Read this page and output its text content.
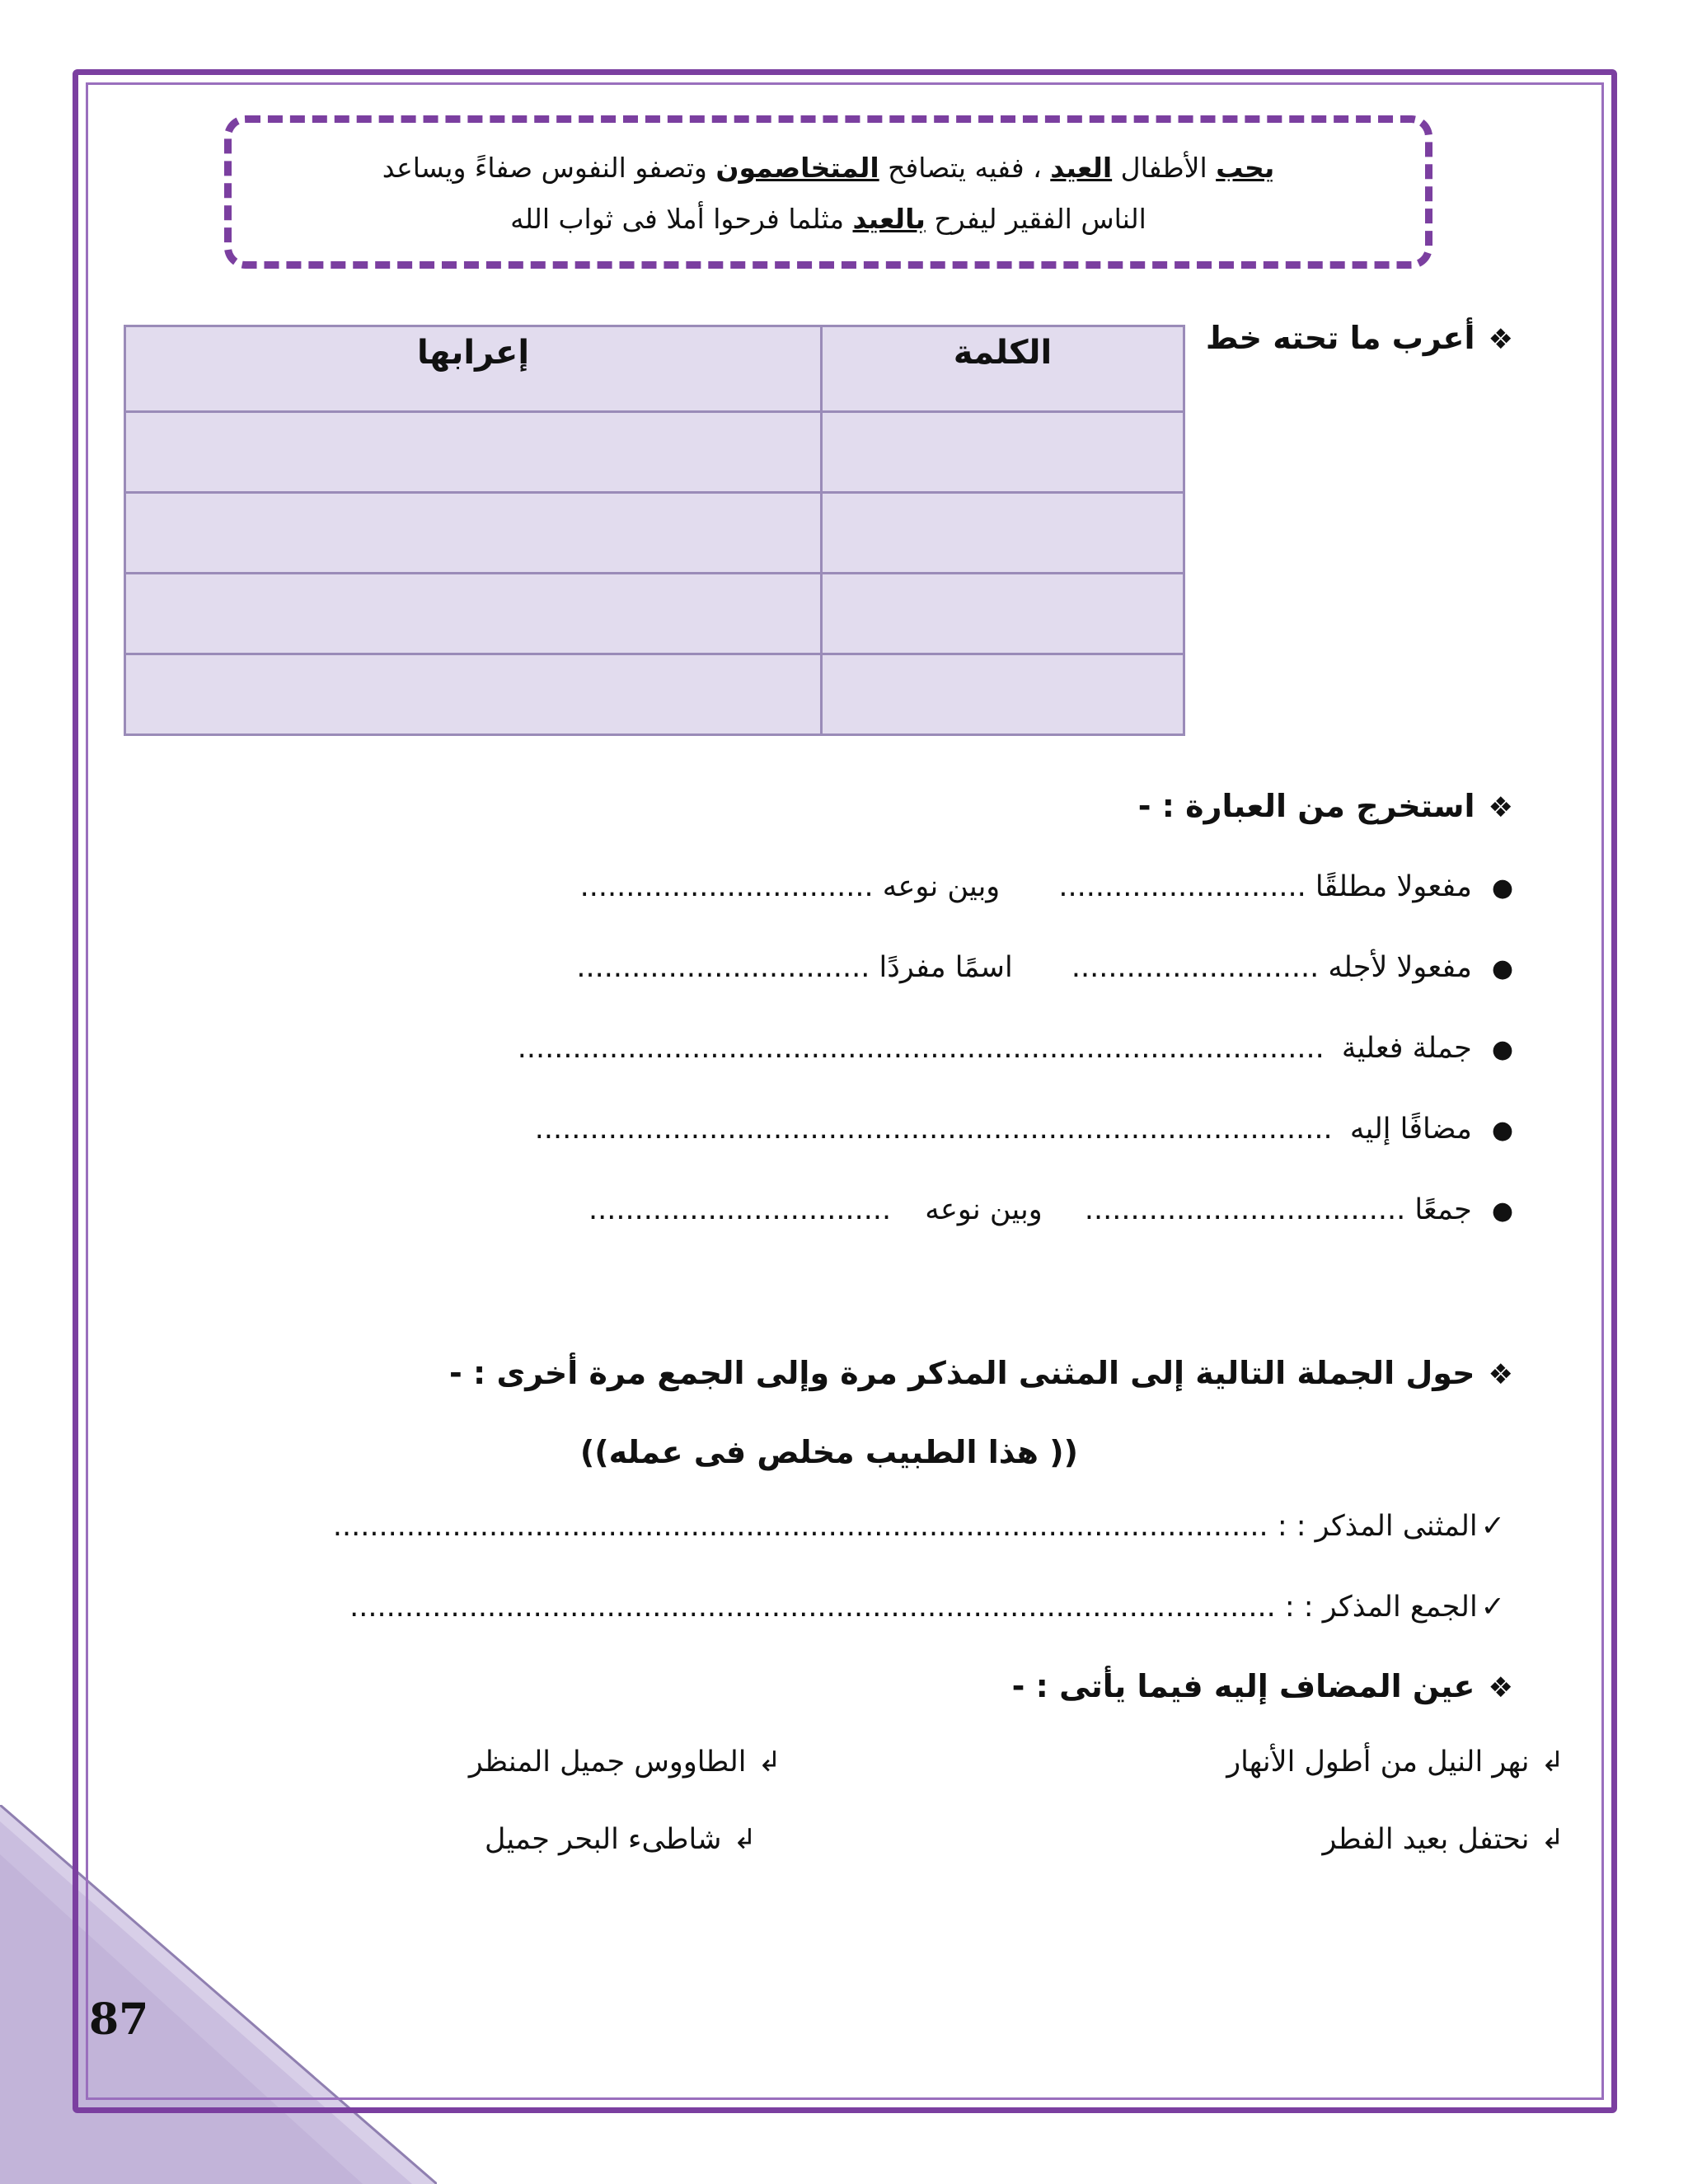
يحب الأطفال العيد ، ففيه يتصافح المتخاصمون وتصفو النفوس صفاءً ويساعد
الناس الفقير ليفرح بالعيد مثلما فرحوا أملا فى ثواب الله
❖أعرب ما تحته خط
الكلمة	إعرابها

❖استخرج من العبارة : -
●مفعولا مطلقًا ........................... وبين نوعه ................................
●مفعولا لأجله ........................... اسمًا مفردًا ................................
●جملة فعلية ........................................................................................
●مضافًا إليه .......................................................................................
●جمعًا ................................... وبين نوعه .................................
❖حول الجملة التالية إلى المثنى المذكر مرة وإلى الجمع مرة أخرى : -
(( هذا الطبيب مخلص فى عمله))
✓المثنى المذكر : : ......................................................................................................
✓الجمع المذكر : : .....................................................................................................
❖عين المضاف إليه فيما يأتى : -
↲نهر النيل من أطول الأنهار
↲الطاووس جميل المنظر
↲نحتفل بعيد الفطر
↲شاطىء البحر جميل
87
